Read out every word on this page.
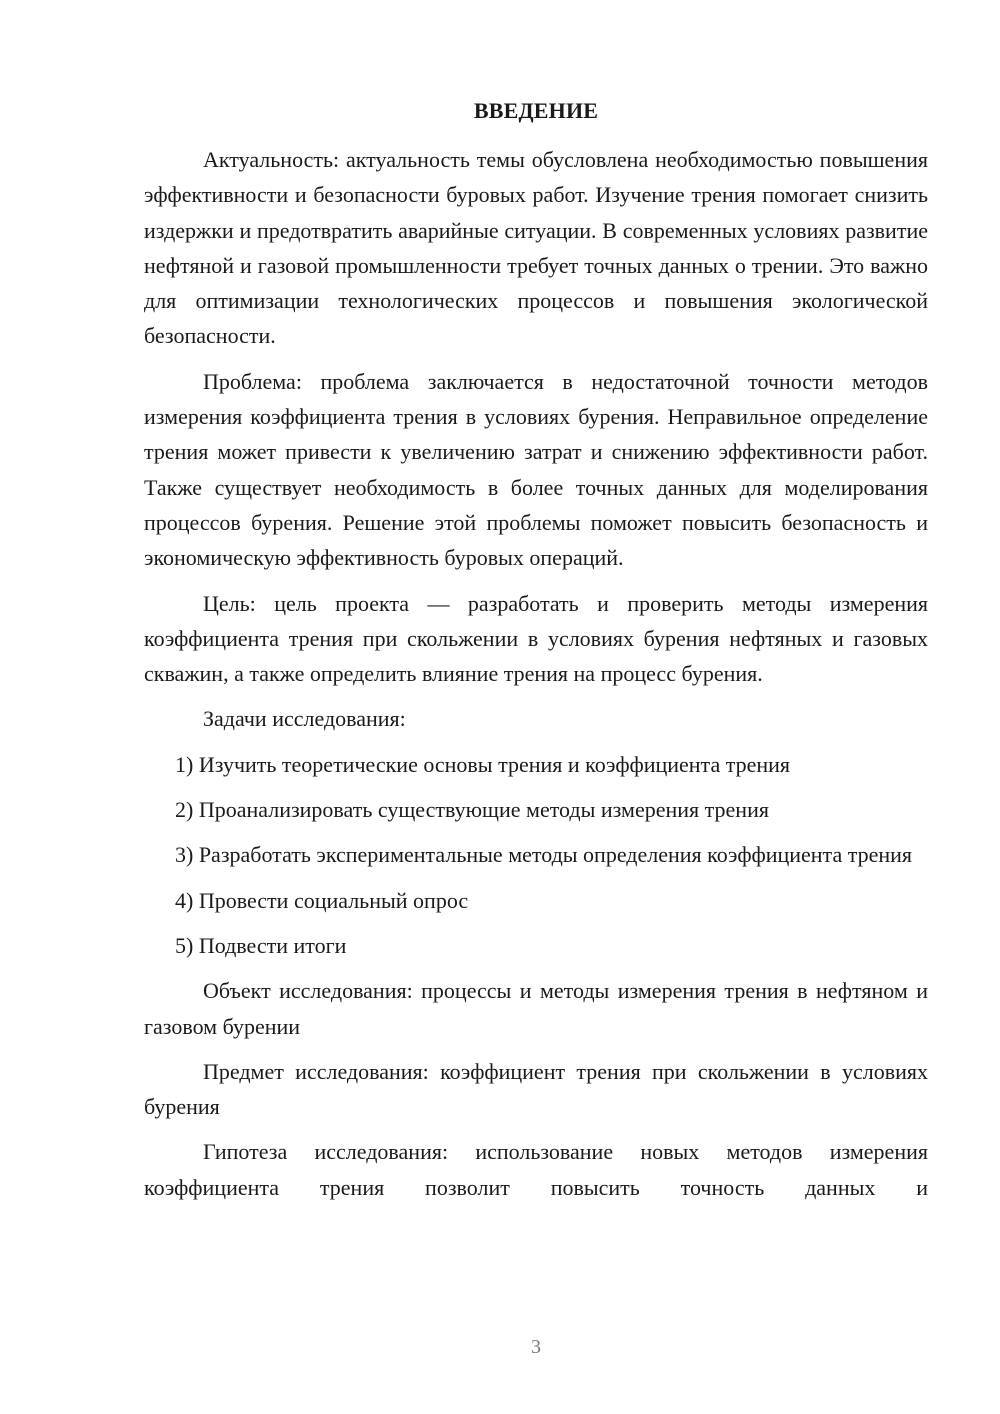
ВВЕДЕНИЕ

Актуальность: актуальность темы обусловлена необходимостью повышения эффективности и безопасности буровых работ. Изучение трения помогает снизить издержки и предотвратить аварийные ситуации. В современных условиях развитие нефтяной и газовой промышленности требует точных данных о трении. Это важно для оптимизации технологических процессов и повышения экологической безопасности.

Проблема: проблема заключается в недостаточной точности методов измерения коэффициента трения в условиях бурения. Неправильное определение трения может привести к увеличению затрат и снижению эффективности работ. Также существует необходимость в более точных данных для моделирования процессов бурения. Решение этой проблемы поможет повысить безопасность и экономическую эффективность буровых операций.

Цель: цель проекта — разработать и проверить методы измерения коэффициента трения при скольжении в условиях бурения нефтяных и газовых скважин, а также определить влияние трения на процесс бурения.

Задачи исследования:

1) Изучить теоретические основы трения и коэффициента трения

2) Проанализировать существующие методы измерения трения

3) Разработать экспериментальные методы определения коэффициента трения

4) Провести социальный опрос

5) Подвести итоги

Объект исследования: процессы и методы измерения трения в нефтяном и газовом бурении

Предмет исследования: коэффициент трения при скольжении в условиях бурения

Гипотеза исследования: использование новых методов измерения коэффициента трения позволит повысить точность данных и

3
